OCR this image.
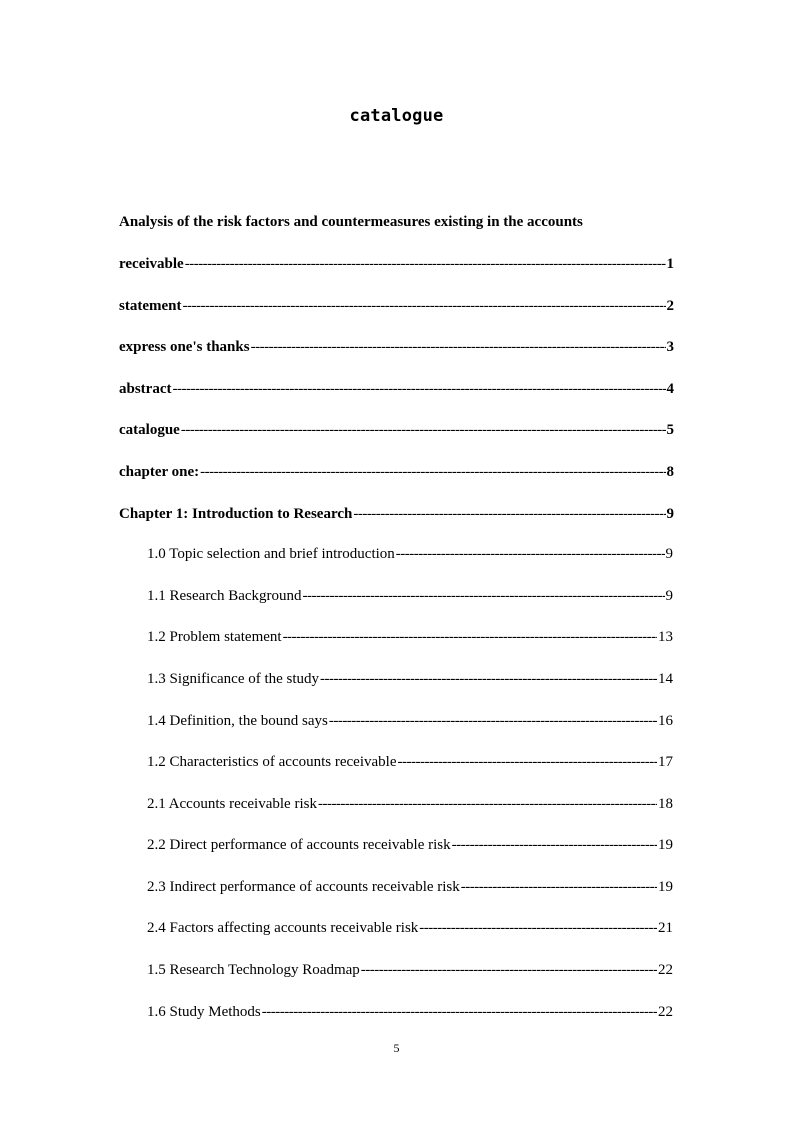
catalogue
Analysis of the risk factors and countermeasures existing in the accounts
receivable -----	1
statement -----	2
express one's thanks -----	3
abstract -----	4
catalogue -----	5
chapter one: -----	8
Chapter 1: Introduction to Research -----	9
1.0 Topic selection and brief introduction -----	9
1.1 Research Background -----	9
1.2 Problem statement -----	13
1.3 Significance of the study -----	14
1.4 Definition, the bound says -----	16
1.2 Characteristics of accounts receivable -----	17
2.1 Accounts receivable risk -----	18
2.2 Direct performance of accounts receivable risk -----	19
2.3 Indirect performance of accounts receivable risk -----	19
2.4 Factors affecting accounts receivable risk -----	21
1.5 Research Technology Roadmap -----	22
1.6 Study Methods -----	22
5
